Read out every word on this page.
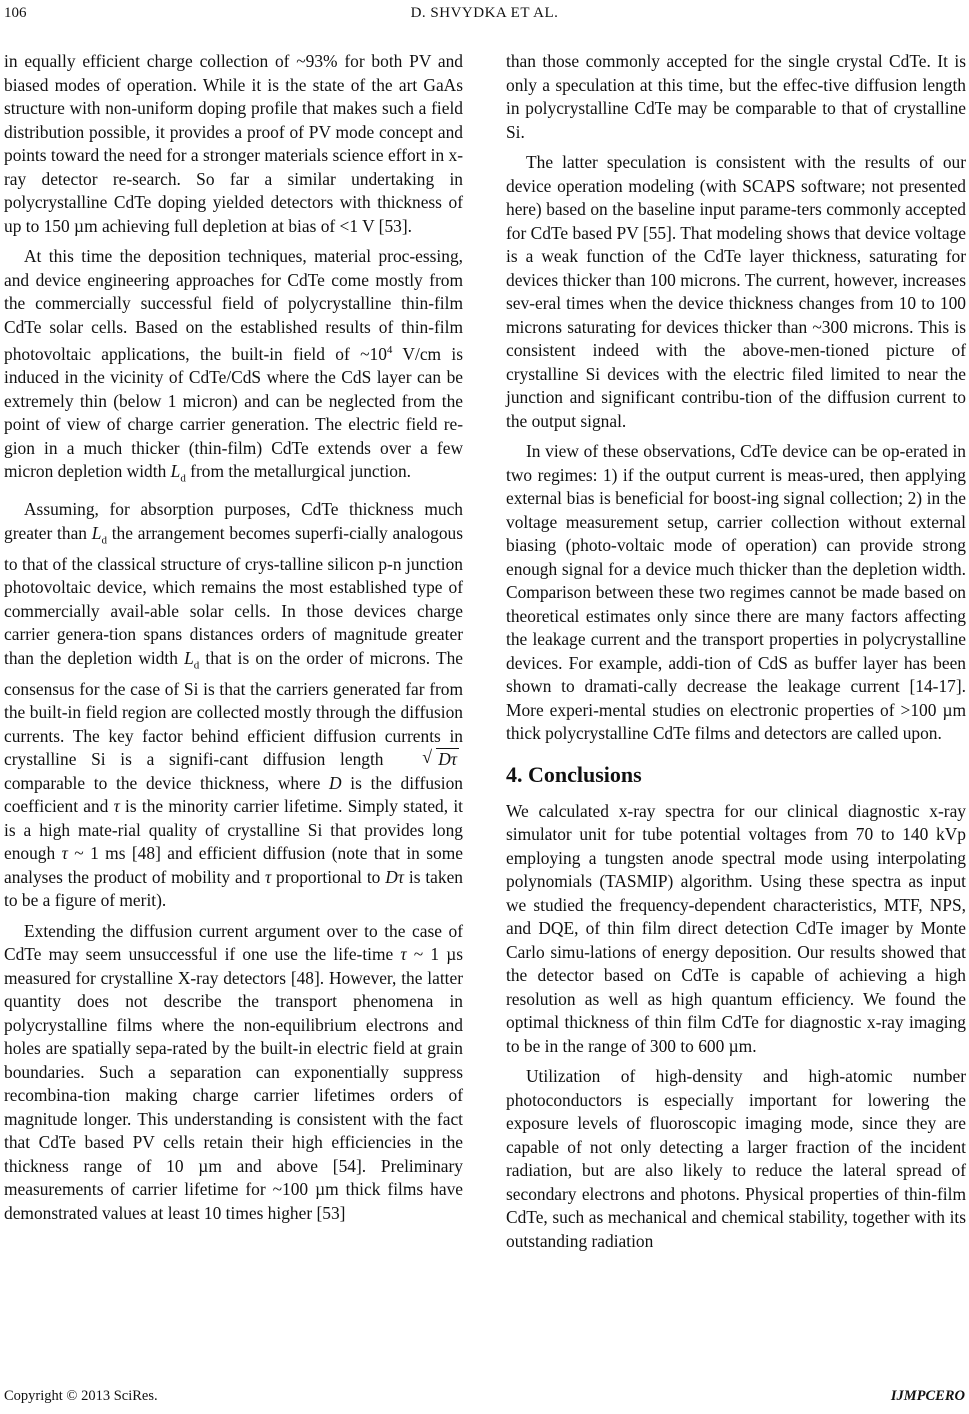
106	D. SHVYDKA ET AL.

in equally efficient charge collection of ~93% for both PV and biased modes of operation. While it is the state of the art GaAs structure with non-uniform doping profile that makes such a field distribution possible, it provides a proof of PV mode concept and points toward the need for a stronger materials science effort in x-ray detector re-search. So far a similar undertaking in polycrystalline CdTe doping yielded detectors with thickness of up to 150 µm achieving full depletion at bias of <1 V [53].

At this time the deposition techniques, material proc-essing, and device engineering approaches for CdTe come mostly from the commercially successful field of polycrystalline thin-film CdTe solar cells. Based on the established results of thin-film photovoltaic applications, the built-in field of $\sim 10^4$ V/cm is induced in the vicinity of CdTe/CdS where the CdS layer can be extremely thin (below 1 micron) and can be neglected from the point of view of charge carrier generation. The electric field re-gion in a much thicker (thin-film) CdTe extends over a few micron depletion width $L_d$ from the metallurgical junction.

Assuming, for absorption purposes, CdTe thickness much greater than $L_d$ the arrangement becomes superfi-cially analogous to that of the classical structure of crys-talline silicon p-n junction photovoltaic device, which remains the most established type of commercially avail-able solar cells. In those devices charge carrier genera-tion spans distances orders of magnitude greater than the depletion width $L_d$ that is on the order of microns. The consensus for the case of Si is that the carriers generated far from the built-in field region are collected mostly through the diffusion currents. The key factor behind efficient diffusion currents in crystalline Si is a signifi-cant diffusion length √	Dτ comparable to the device thickness, where D is the diffusion coefficient and τ is the minority carrier lifetime. Simply stated, it is a high mate-rial quality of crystalline Si that provides long enough τ ~ 1 ms [48] and efficient diffusion (note that in some analyses the product of mobility and τ proportional to Dτ is taken to be a figure of merit).

Extending the diffusion current argument over to the case of CdTe may seem unsuccessful if one use the life-time τ ~ 1 µs measured for crystalline X-ray detectors [48]. However, the latter quantity does not describe the transport phenomena in polycrystalline films where the non-equilibrium electrons and holes are spatially sepa-rated by the built-in electric field at grain boundaries. Such a separation can exponentially suppress recombina-tion making charge carrier lifetimes orders of magnitude longer. This understanding is consistent with the fact that CdTe based PV cells retain their high efficiencies in the thickness range of 10 µm and above [54]. Preliminary measurements of carrier lifetime for ~100 µm thick films have demonstrated values at least 10 times higher [53]

than those commonly accepted for the single crystal CdTe. It is only a speculation at this time, but the effec-tive diffusion length in polycrystalline CdTe may be comparable to that of crystalline Si.

The latter speculation is consistent with the results of our device operation modeling (with SCAPS software; not presented here) based on the baseline input parame-ters commonly accepted for CdTe based PV [55]. That modeling shows that device voltage is a weak function of the CdTe layer thickness, saturating for devices thicker than 100 microns. The current, however, increases sev-eral times when the device thickness changes from 10 to 100 microns saturating for devices thicker than ~300 microns. This is consistent indeed with the above-men-tioned picture of crystalline Si devices with the electric filed limited to near the junction and significant contribu-tion of the diffusion current to the output signal.

In view of these observations, CdTe device can be op-erated in two regimes: 1) if the output current is meas-ured, then applying external bias is beneficial for boost-ing signal collection; 2) in the voltage measurement setup, carrier collection without external biasing (photo-voltaic mode of operation) can provide strong enough signal for a device much thicker than the depletion width. Comparison between these two regimes cannot be made based on theoretical estimates only since there are many factors affecting the leakage current and the transport properties in polycrystalline devices. For example, addi-tion of CdS as buffer layer has been shown to dramati-cally decrease the leakage current [14-17]. More experi-mental studies on electronic properties of >100 µm thick polycrystalline CdTe films and detectors are called upon.

4. Conclusions

We calculated x-ray spectra for our clinical diagnostic x-ray simulator unit for tube potential voltages from 70 to 140 kVp employing a tungsten anode spectral mode using interpolating polynomials (TASMIP) algorithm. Using these spectra as input we studied the frequency-dependent characteristics, MTF, NPS, and DQE, of thin film direct detection CdTe imager by Monte Carlo simu-lations of energy deposition. Our results showed that the detector based on CdTe is capable of achieving a high resolution as well as high quantum efficiency. We found the optimal thickness of thin film CdTe for diagnostic x-ray imaging to be in the range of 300 to 600 µm.

Utilization of high-density and high-atomic number photoconductors is especially important for lowering the exposure levels of fluoroscopic imaging mode, since they are capable of not only detecting a larger fraction of the incident radiation, but are also likely to reduce the lateral spread of secondary electrons and photons. Physical properties of thin-film CdTe, such as mechanical and chemical stability, together with its outstanding radiation

Copyright © 2013 SciRes.	IJMPCERO
